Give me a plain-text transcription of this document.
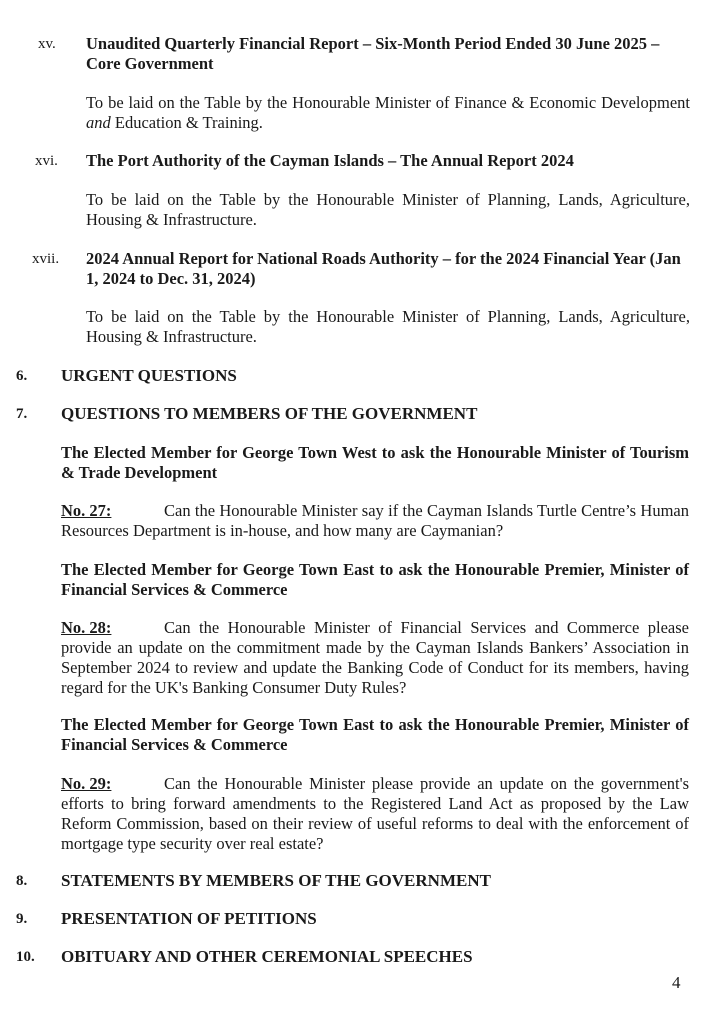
xv. Unaudited Quarterly Financial Report – Six-Month Period Ended 30 June 2025 – Core Government
To be laid on the Table by the Honourable Minister of Finance & Economic Development and Education & Training.
xvi. The Port Authority of the Cayman Islands – The Annual Report 2024
To be laid on the Table by the Honourable Minister of Planning, Lands, Agriculture, Housing & Infrastructure.
xvii. 2024 Annual Report for National Roads Authority – for the 2024 Financial Year (Jan 1, 2024 to Dec. 31, 2024)
To be laid on the Table by the Honourable Minister of Planning, Lands, Agriculture, Housing & Infrastructure.
6. URGENT QUESTIONS
7. QUESTIONS TO MEMBERS OF THE GOVERNMENT
The Elected Member for George Town West to ask the Honourable Minister of Tourism & Trade Development
No. 27:	Can the Honourable Minister say if the Cayman Islands Turtle Centre’s Human Resources Department is in-house, and how many are Caymanian?
The Elected Member for George Town East to ask the Honourable Premier, Minister of Financial Services & Commerce
No. 28:	Can the Honourable Minister of Financial Services and Commerce please provide an update on the commitment made by the Cayman Islands Bankers’ Association in September 2024 to review and update the Banking Code of Conduct for its members, having regard for the UK's Banking Consumer Duty Rules?
The Elected Member for George Town East to ask the Honourable Premier, Minister of Financial Services & Commerce
No. 29:	Can the Honourable Minister please provide an update on the government's efforts to bring forward amendments to the Registered Land Act as proposed by the Law Reform Commission, based on their review of useful reforms to deal with the enforcement of mortgage type security over real estate?
8. STATEMENTS BY MEMBERS OF THE GOVERNMENT
9. PRESENTATION OF PETITIONS
10. OBITUARY AND OTHER CEREMONIAL SPEECHES
4
